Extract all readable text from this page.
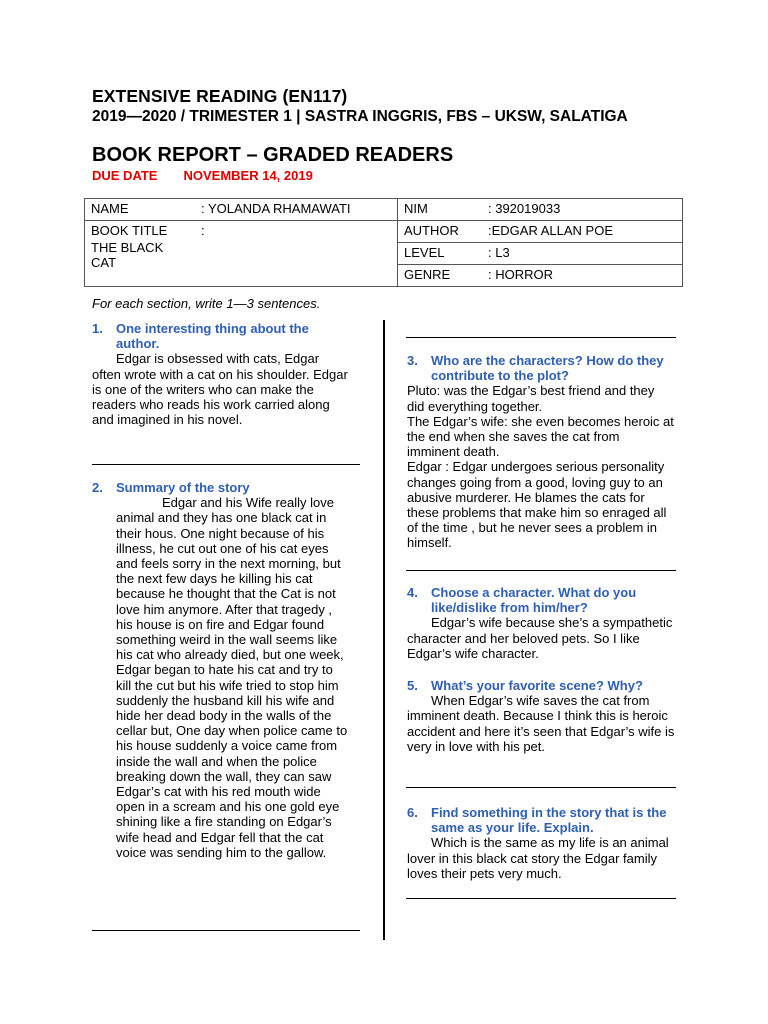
EXTENSIVE READING (EN117)
2019—2020 / TRIMESTER 1 | SASTRA INGGRIS, FBS – UKSW, SALATIGA
BOOK REPORT – GRADED READERS
DUE DATE NOVEMBER 14, 2019
NAME	: YOLANDA RHAMAWATI	NIM	: 392019033

BOOK TITLE
THE BLACK CAT	:	AUTHOR	:EDGAR ALLAN POE
		LEVEL	: L3
		GENRE	: HORROR
For each section, write 1—3 sentences.
1.	One interesting thing about the author.

Edgar is obsessed with cats, Edgar often wrote with a cat on his shoulder. Edgar is one of the writers who can make the readers who reads his work carried along and imagined in his novel.

2.	Summary of the story

Edgar and his Wife really love animal and they has one black cat in their hous. One night because of his illness, he cut out one of his cat eyes and feels sorry in the next morning, but the next few days he killing his cat because he thought that the Cat is not love him anymore. After that tragedy , his house is on fire and Edgar found something weird in the wall seems like his cat who already died, but one week, Edgar began to hate his cat and try to kill the cut but his wife tried to stop him suddenly the husband kill his wife and hide her dead body in the walls of the cellar but, One day when police came to his house suddenly a voice came from inside the wall and when the police breaking down the wall, they can saw Edgar’s cat with his red mouth wide open in a scream and his one gold eye shining like a fire standing on Edgar’s wife head and Edgar fell that the cat voice was sending him to the gallow.

3.	Who are the characters? How do they contribute to the plot?

Pluto: was the Edgar’s best friend and they did everything together.

The Edgar’s wife: she even becomes heroic at the end when she saves the cat from imminent death.

Edgar : Edgar undergoes serious personality changes going from a good, loving guy to an abusive murderer. He blames the cats for these problems that make him so enraged all of the time , but he never sees a problem in himself.

4.	Choose a character. What do you like/dislike from him/her?

Edgar’s wife because she’s a sympathetic character and her beloved pets. So I like Edgar’s wife character.

5.	What’s your favorite scene? Why?

When Edgar’s wife saves the cat from imminent death. Because I think this is heroic accident and here it’s seen that Edgar’s wife is very in love with his pet.

6.	Find something in the story that is the same as your life. Explain.

Which is the same as my life is an animal lover in this black cat story the Edgar family loves their pets very much.
